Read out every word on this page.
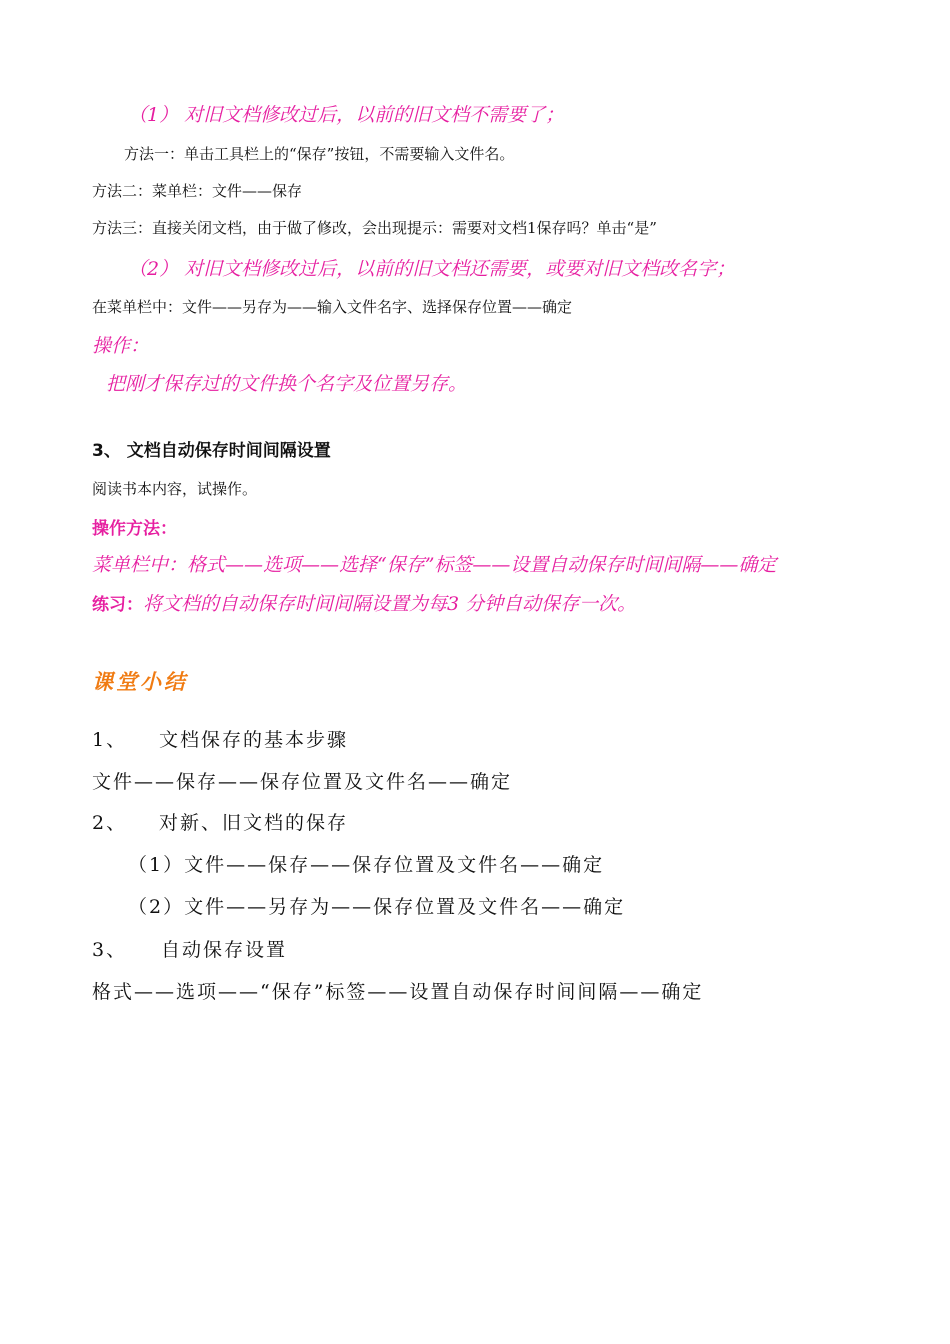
（1） 对旧文档修改过后，以前的旧文档不需要了；
方法一：单击工具栏上的“保存”按钮，不需要输入文件名。
方法二：菜单栏：文件——保存
方法三：直接关闭文档，由于做了修改，会出现提示：需要对文档1保存吗？单击“是”
（2） 对旧文档修改过后，以前的旧文档还需要，或要对旧文档改名字；
在菜单栏中：文件——另存为——输入文件名字、选择保存位置——确定
操作：
把刚才保存过的文件换个名字及位置另存。
3、 文档自动保存时间间隔设置
阅读书本内容，试操作。
操作方法：
菜单栏中：格式——选项——选择“保存”标签——设置自动保存时间间隔——确定
练习：将文档的自动保存时间间隔设置为每3 分钟自动保存一次。
课堂小结
1、 文档保存的基本步骤
文件——保存——保存位置及文件名——确定
2、 对新、旧文档的保存
（1）文件——保存——保存位置及文件名——确定
（2）文件——另存为——保存位置及文件名——确定
3、 自动保存设置
格式——选项——“保存”标签——设置自动保存时间间隔——确定
